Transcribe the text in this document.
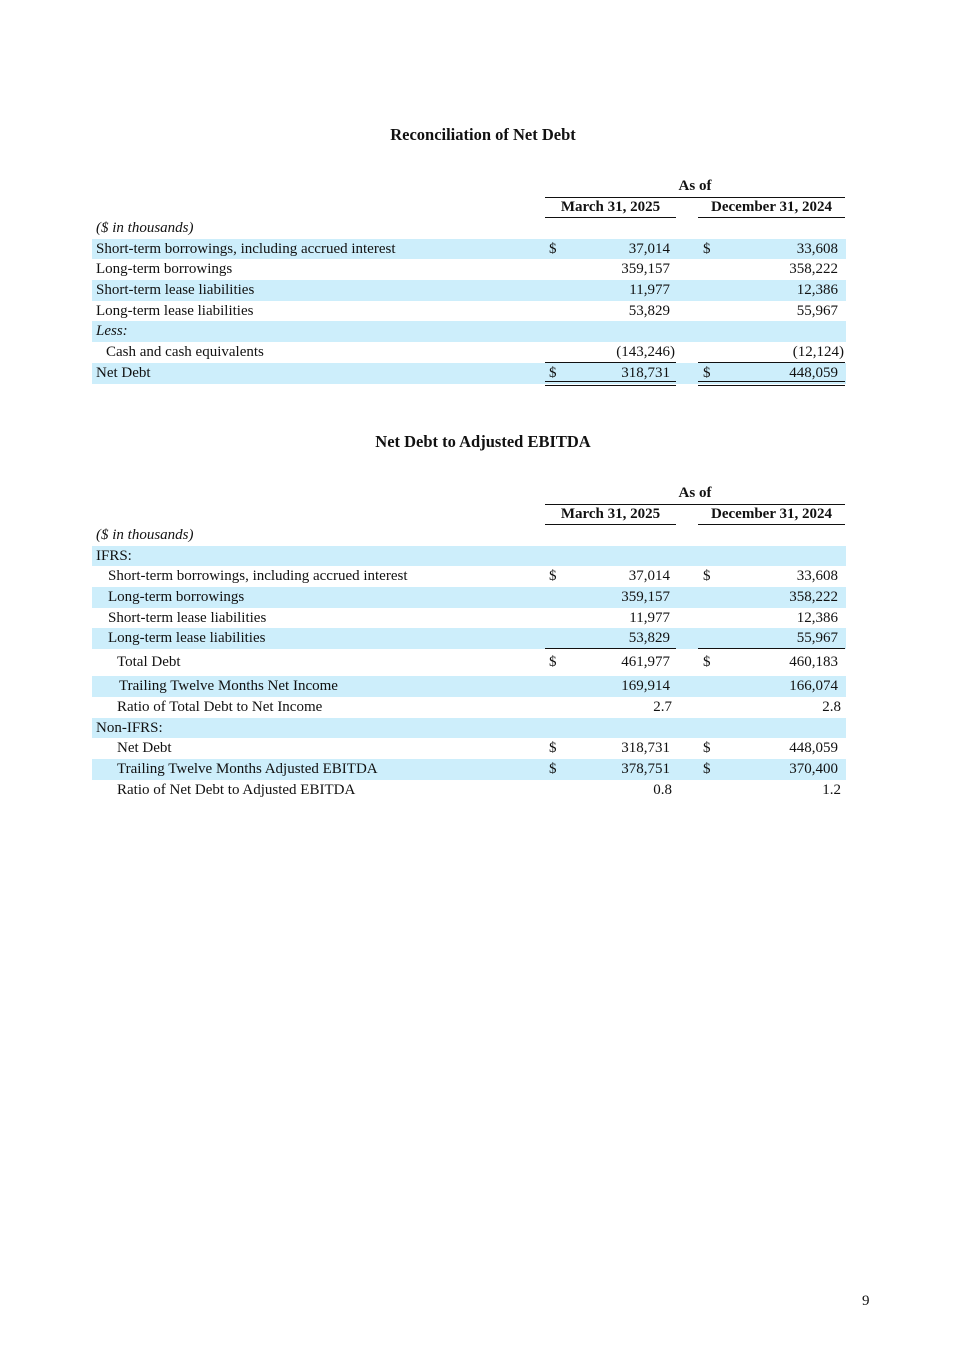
Reconciliation of Net Debt
As of
March 31, 2025	December 31, 2024
($ in thousands)
Short-term borrowings, including accrued interest	$	37,014 $	33,608
Long-term borrowings	359,157	358,222
Short-term lease liabilities	11,977	12,386
Long-term lease liabilities	53,829	55,967
Less:
Cash and cash equivalents	(143,246)	(12,124)
Net Debt	$	318,731 $	448,059
Net Debt to Adjusted EBITDA
As of
March 31, 2025	December 31, 2024
($ in thousands)
IFRS:
Short-term borrowings, including accrued interest	$	37,014 $	33,608
Long-term borrowings	359,157	358,222
Short-term lease liabilities	11,977	12,386
Long-term lease liabilities	53,829	55,967
Total Debt	$	461,977 $	460,183
Trailing Twelve Months Net Income	169,914	166,074
Ratio of Total Debt to Net Income	2.7	2.8
Non-IFRS:
Net Debt	$	318,731 $	448,059
Trailing Twelve Months Adjusted EBITDA	$	378,751 $	370,400
Ratio of Net Debt to Adjusted EBITDA	0.8	1.2
9
